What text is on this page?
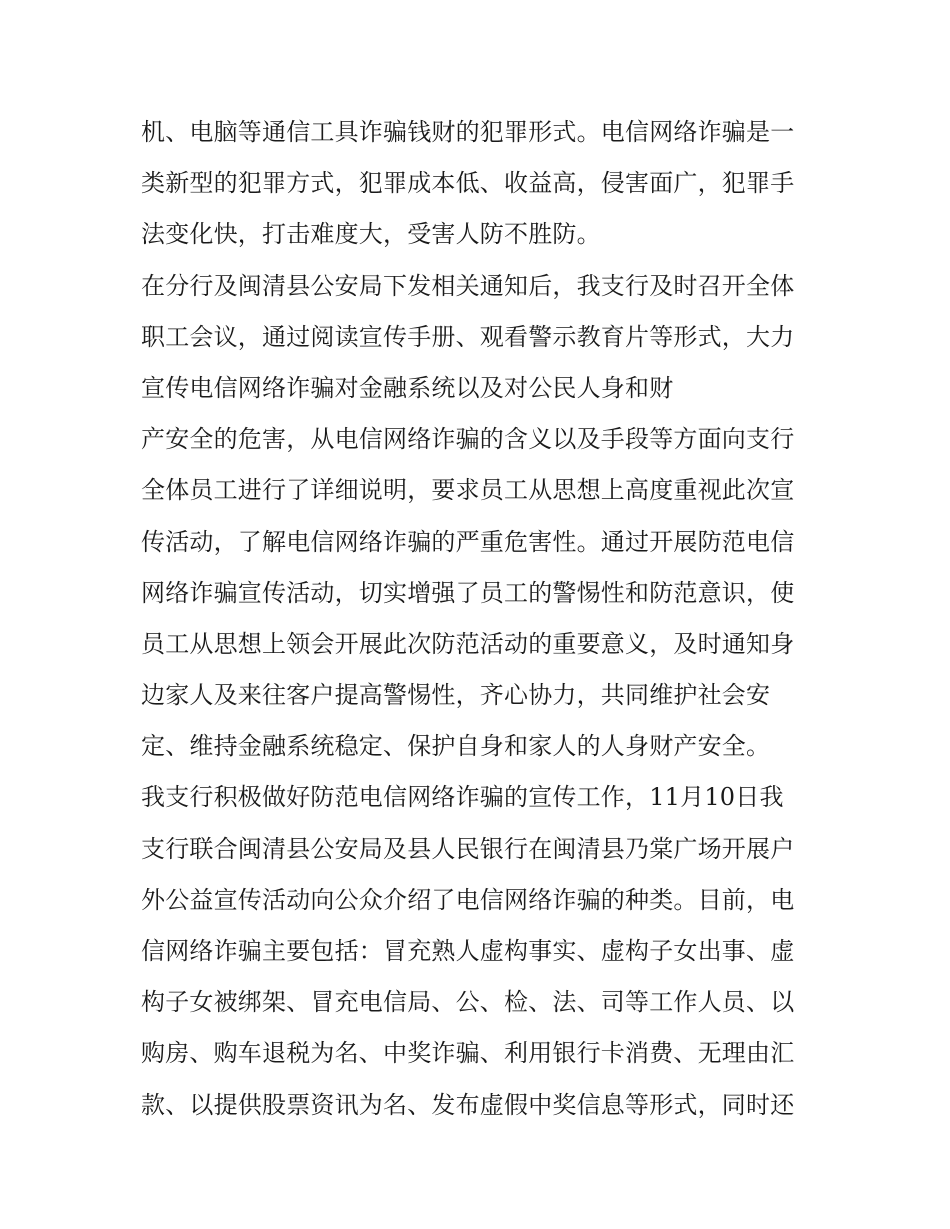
机、电脑等通信工具诈骗钱财的犯罪形式。电信网络诈骗是一
类新型的犯罪方式，犯罪成本低、收益高，侵害面广，犯罪手
法变化快，打击难度大，受害人防不胜防。
在分行及闽清县公安局下发相关通知后，我支行及时召开全体
职工会议，通过阅读宣传手册、观看警示教育片等形式，大力
宣传电信网络诈骗对金融系统以及对公民人身和财
产安全的危害，从电信网络诈骗的含义以及手段等方面向支行
全体员工进行了详细说明，要求员工从思想上高度重视此次宣
传活动，了解电信网络诈骗的严重危害性。通过开展防范电信
网络诈骗宣传活动，切实增强了员工的警惕性和防范意识，使
员工从思想上领会开展此次防范活动的重要意义，及时通知身
边家人及来往客户提高警惕性，齐心协力，共同维护社会安
定、维持金融系统稳定、保护自身和家人的人身财产安全。
我支行积极做好防范电信网络诈骗的宣传工作，11月10日我
支行联合闽清县公安局及县人民银行在闽清县乃棠广场开展户
外公益宣传活动向公众介绍了电信网络诈骗的种类。目前，电
信网络诈骗主要包括：冒充熟人虚构事实、虚构子女出事、虚
构子女被绑架、冒充电信局、公、检、法、司等工作人员、以
购房、购车退税为名、中奖诈骗、利用银行卡消费、无理由汇
款、以提供股票资讯为名、发布虚假中奖信息等形式，同时还
